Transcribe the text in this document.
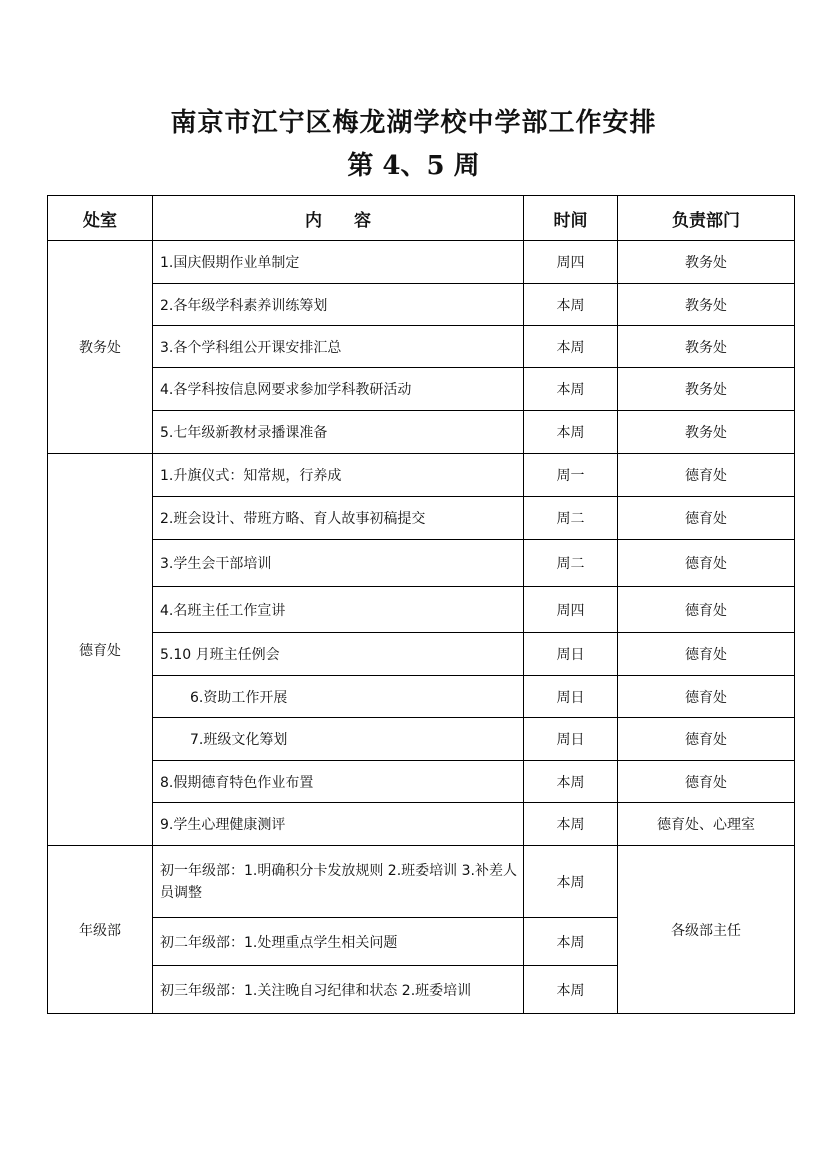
南京市江宁区梅龙湖学校中学部工作安排
第 4、5 周
处室	内 容	时间	负责部门
教务处	1.国庆假期作业单制定	周四	教务处
	2.各年级学科素养训练筹划	本周	教务处
	3.各个学科组公开课安排汇总	本周	教务处
	4.各学科按信息网要求参加学科教研活动	本周	教务处
	5.七年级新教材录播课准备	本周	教务处
德育处	1.升旗仪式：知常规，行养成	周一	德育处
	2.班会设计、带班方略、育人故事初稿提交	周二	德育处
	3.学生会干部培训	周二	德育处
	4.名班主任工作宣讲	周四	德育处
	5.10 月班主任例会	周日	德育处
	6.资助工作开展	周日	德育处
	7.班级文化筹划	周日	德育处
	8.假期德育特色作业布置	本周	德育处
	9.学生心理健康测评	本周	德育处、心理室
年级部	初一年级部：1.明确积分卡发放规则 2.班委培训 3.补差人员调整	本周	各级部主任
	初二年级部：1.处理重点学生相关问题	本周	
	初三年级部：1.关注晚自习纪律和状态 2.班委培训	本周	
